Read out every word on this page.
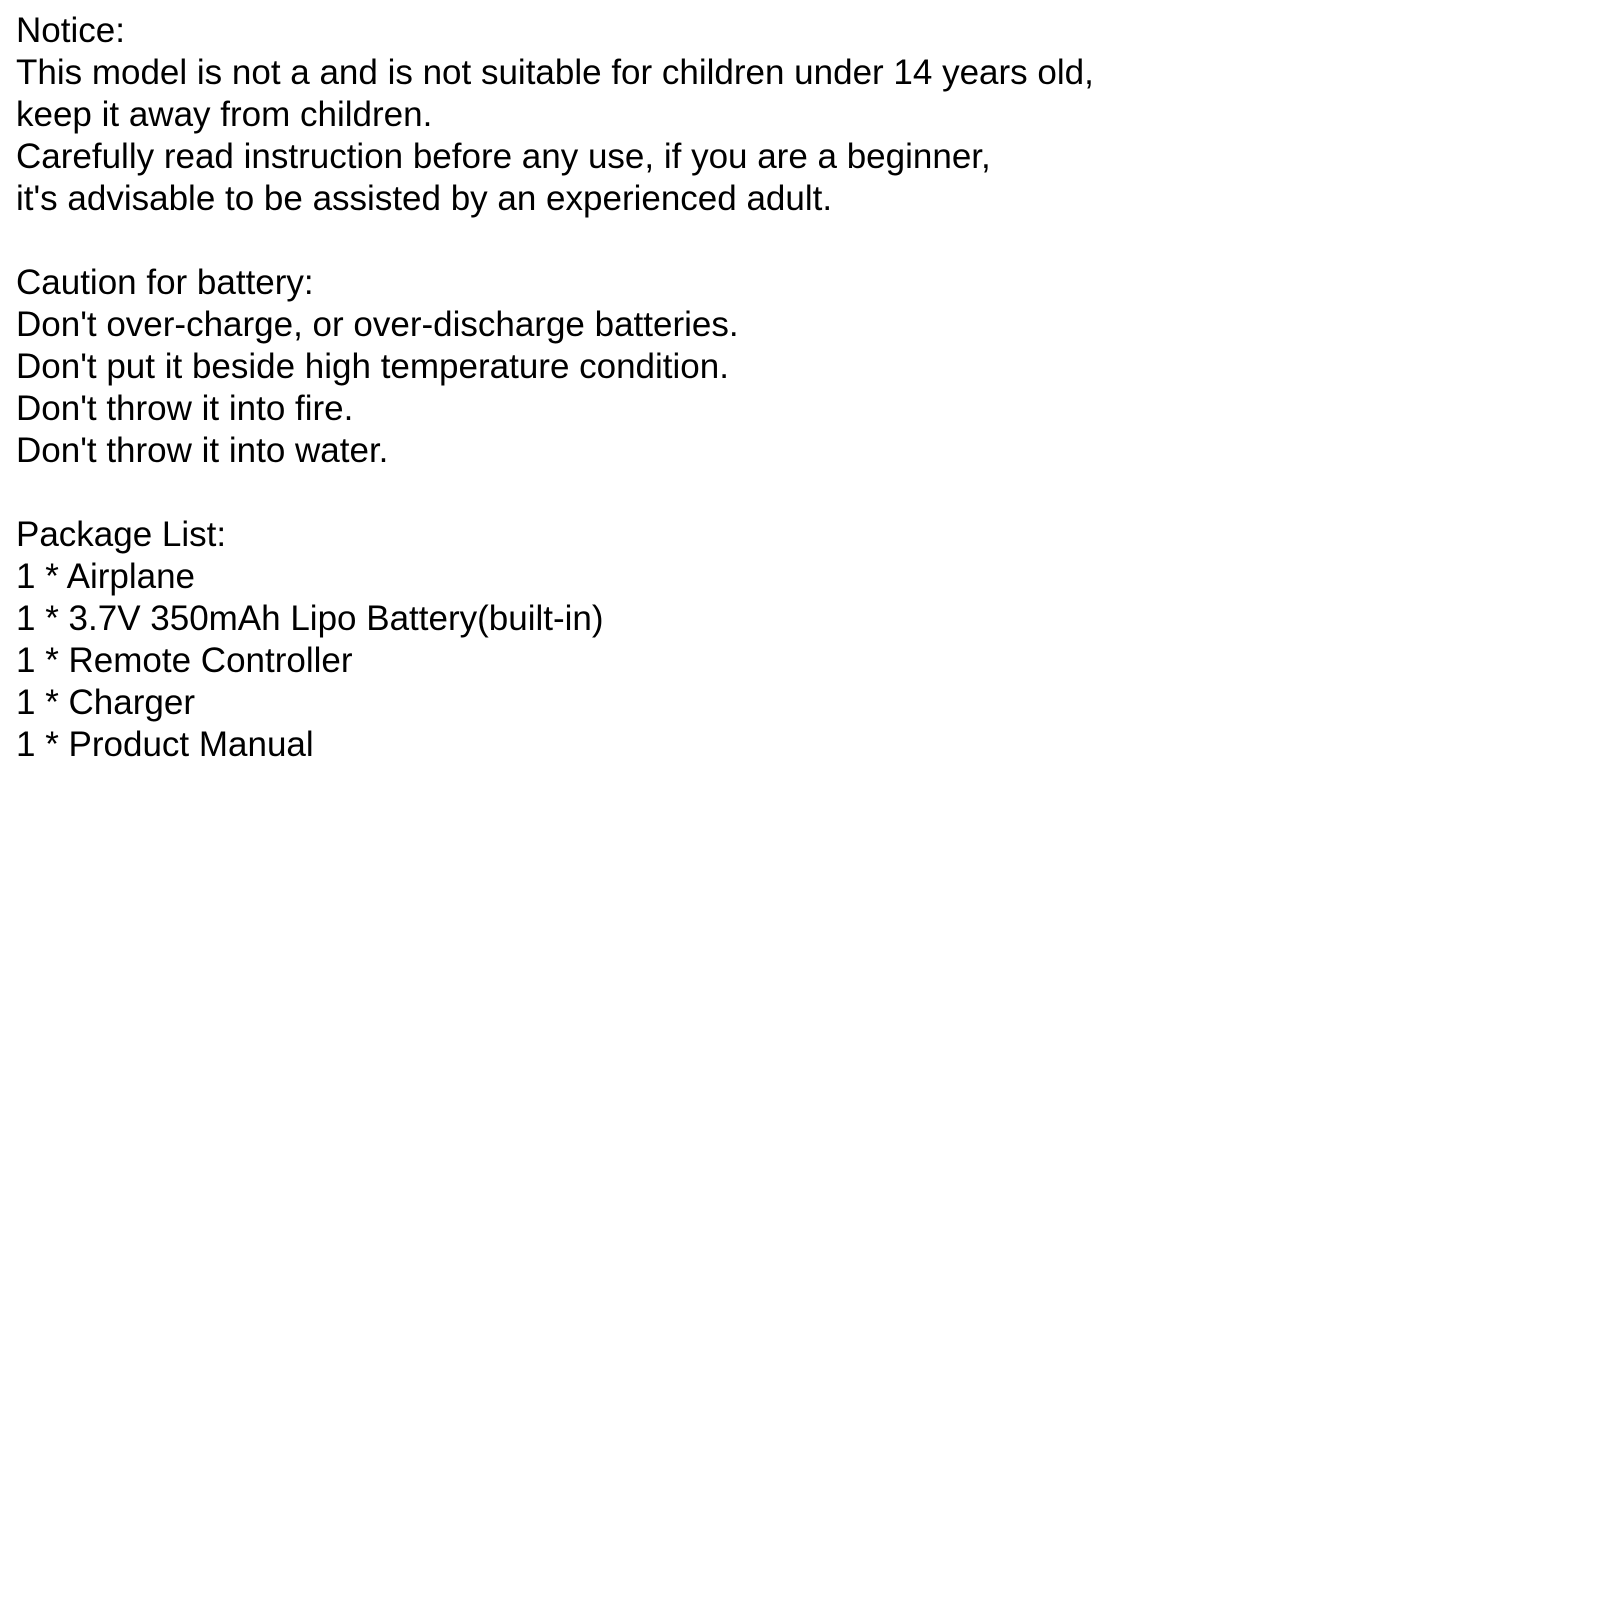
Notice:
This model is not a and is not suitable for children under 14 years old,
keep it away from children.
Carefully read instruction before any use, if you are a beginner,
it's advisable to be assisted by an experienced adult.
Caution for battery:
Don't over-charge, or over-discharge batteries.
Don't put it beside high temperature condition.
Don't throw it into fire.
Don't throw it into water.
Package List:
1 * Airplane
1 * 3.7V 350mAh Lipo Battery(built-in)
1 * Remote Controller
1 * Charger
1 * Product Manual
